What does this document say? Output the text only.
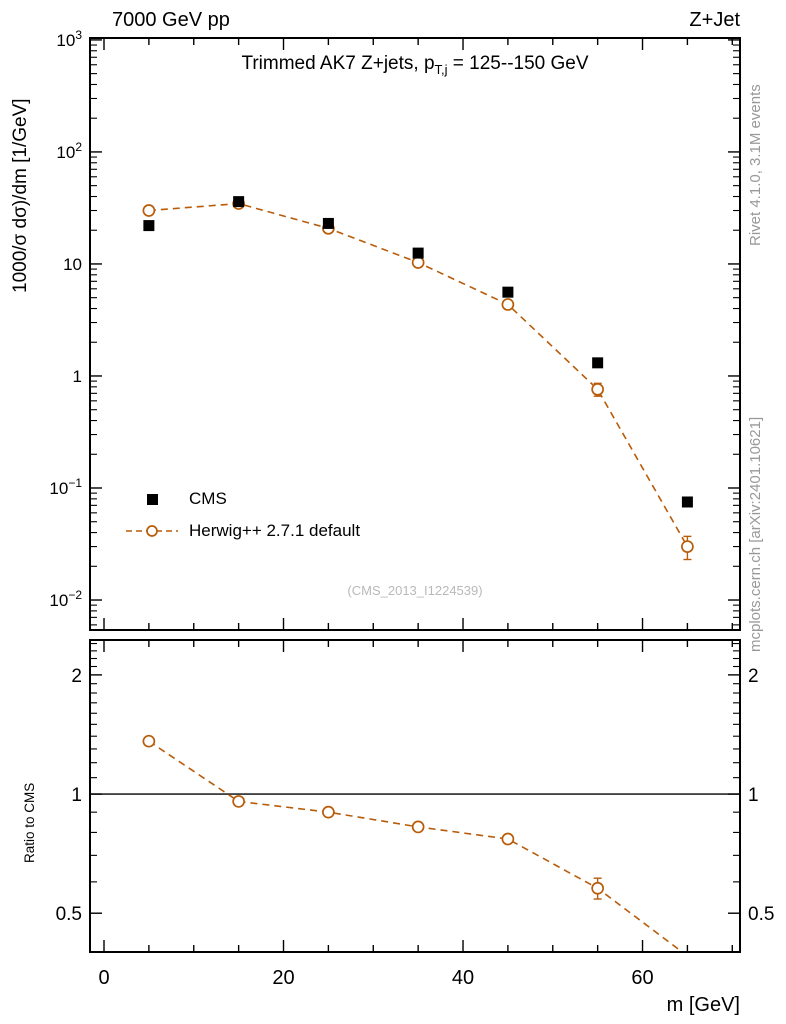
0	20	40	60
$10^3$
$10^2$
10
1
$10^{-1}$
$10^{-2}$
2	2
1	1
0.5	0.5
7000 GeV pp	Z+Jet
Trimmed AK7 Z+jets, $p_{T,j} = 125--150$ GeV
1000/σ dσ)/dm [1/GeV]
Ratio to CMS
m [GeV]
Rivet 4.1.0, 3.1M events
mcplots.cern.ch [arXiv:2401.10621]
(CMS_2013_I1224539)
CMS
Herwig++ 2.7.1 default
